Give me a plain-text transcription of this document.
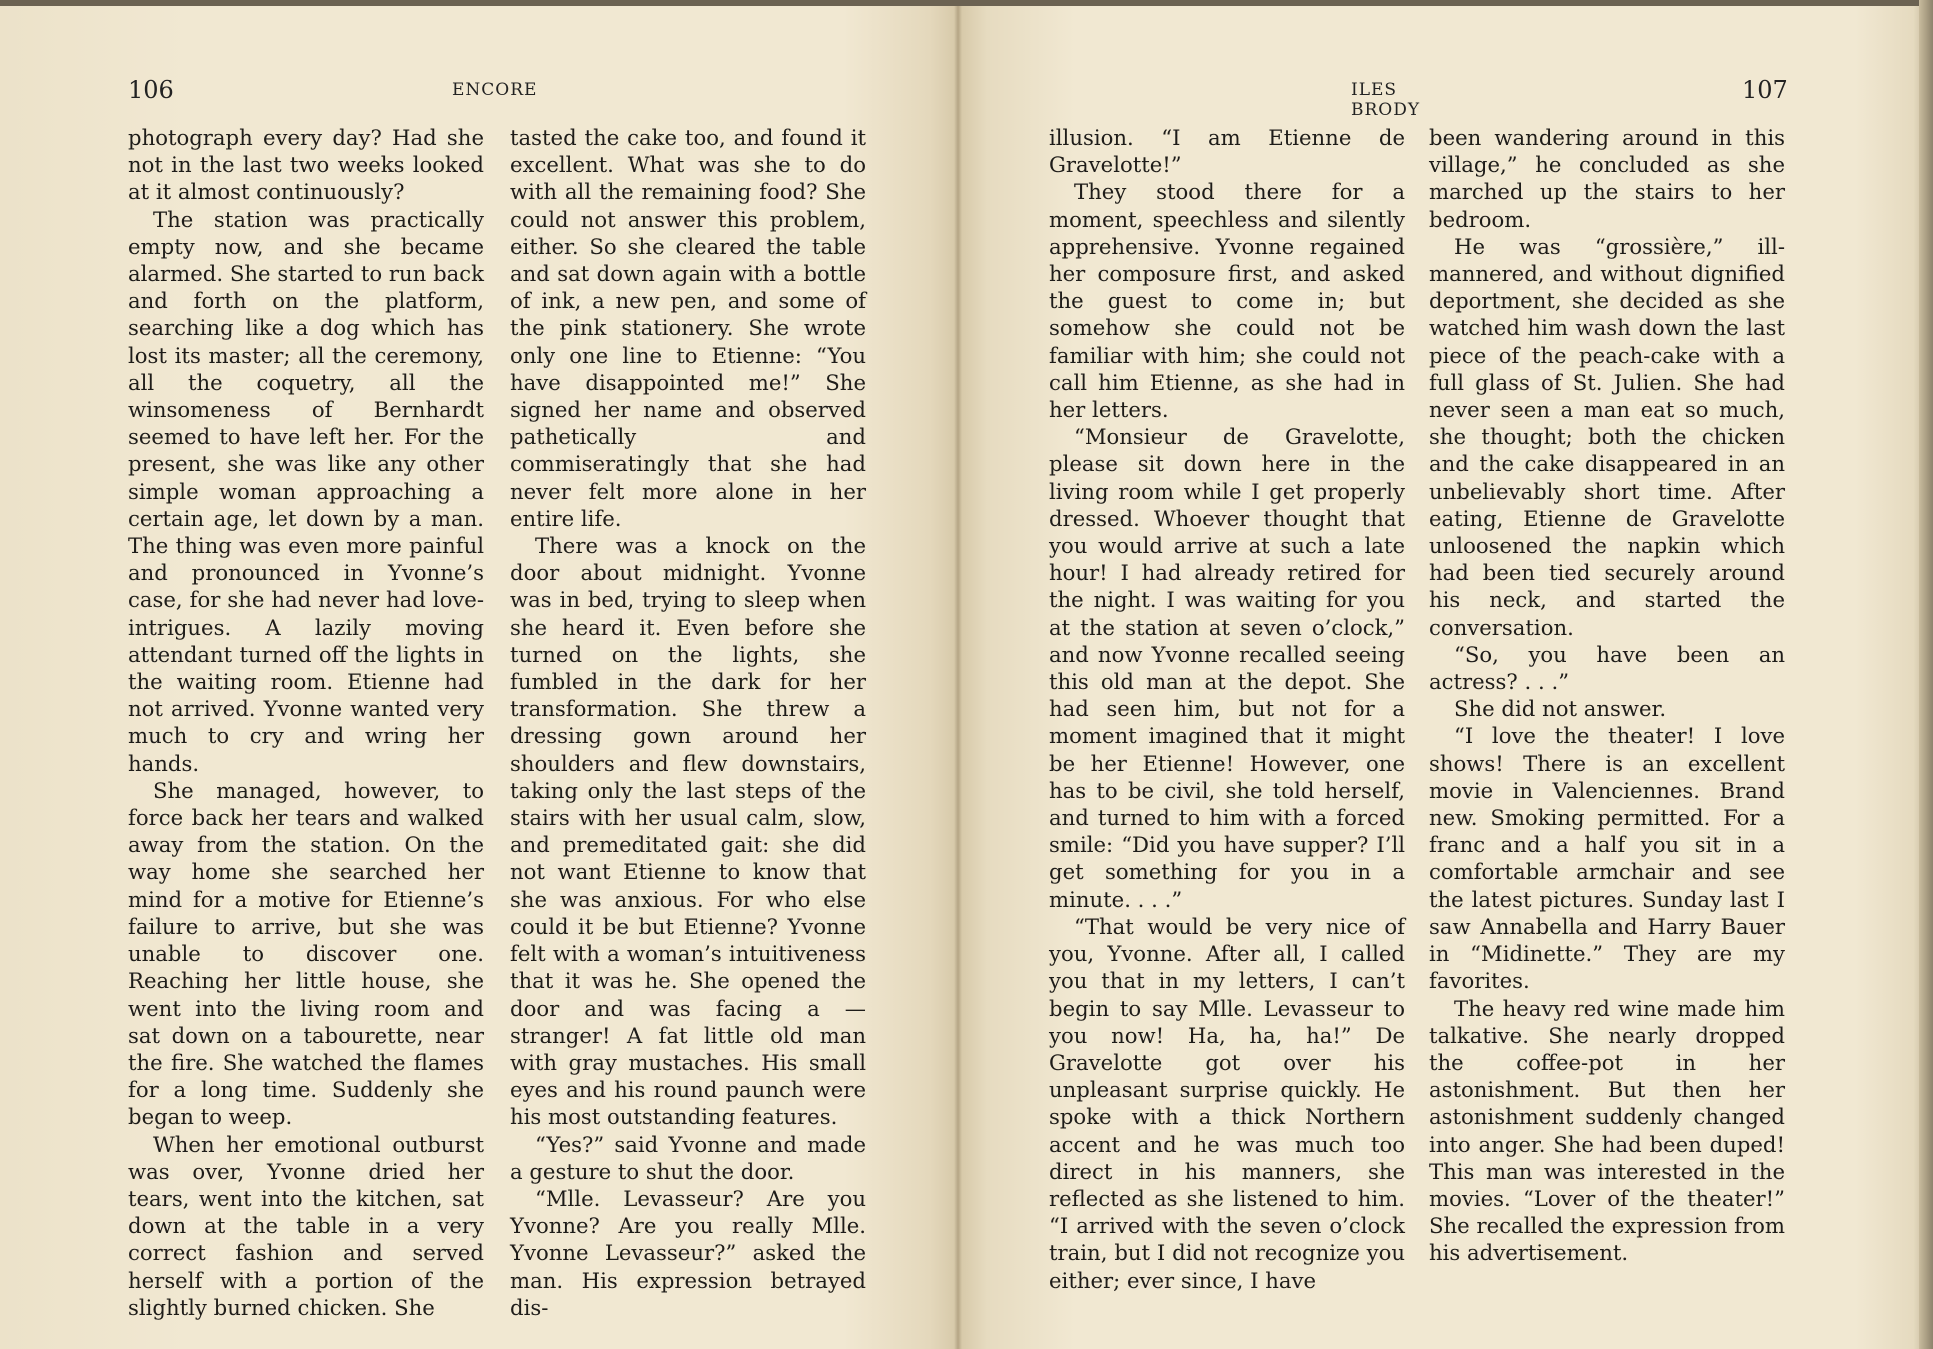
106	ENCORE

photograph every day? Had she not in the last two weeks looked at it almost continuously?

The station was practically empty now, and she became alarmed. She started to run back and forth on the platform, searching like a dog which has lost its master; all the ceremony, all the coquetry, all the winsomeness of Bernhardt seemed to have left her. For the present, she was like any other simple woman approaching a certain age, let down by a man. The thing was even more painful and pronounced in Yvonne’s case, for she had never had love-intrigues. A lazily moving attendant turned off the lights in the waiting room. Etienne had not arrived. Yvonne wanted very much to cry and wring her hands.

She managed, however, to force back her tears and walked away from the station. On the way home she searched her mind for a motive for Etienne’s failure to arrive, but she was unable to discover one. Reaching her little house, she went into the living room and sat down on a tabourette, near the fire. She watched the flames for a long time. Suddenly she began to weep.

When her emotional outburst was over, Yvonne dried her tears, went into the kitchen, sat down at the table in a very correct fashion and served herself with a portion of the slightly burned chicken. She

tasted the cake too, and found it excellent. What was she to do with all the remaining food? She could not answer this problem, either. So she cleared the table and sat down again with a bottle of ink, a new pen, and some of the pink stationery. She wrote only one line to Etienne: “You have disappointed me!” She signed her name and observed pathetically and commiseratingly that she had never felt more alone in her entire life.

There was a knock on the door about midnight. Yvonne was in bed, trying to sleep when she heard it. Even before she turned on the lights, she fumbled in the dark for her transformation. She threw a dressing gown around her shoulders and flew downstairs, taking only the last steps of the stairs with her usual calm, slow, and premeditated gait: she did not want Etienne to know that she was anxious. For who else could it be but Etienne? Yvonne felt with a woman’s intuitiveness that it was he. She opened the door and was facing a — stranger! A fat little old man with gray mustaches. His small eyes and his round paunch were his most outstanding features.

“Yes?” said Yvonne and made a gesture to shut the door.

“Mlle. Levasseur? Are you Yvonne? Are you really Mlle. Yvonne Levasseur?” asked the man. His expression betrayed dis-

ILES BRODY
107

illusion. “I am Etienne de Gravelotte!”

They stood there for a moment, speechless and silently apprehensive. Yvonne regained her composure first, and asked the guest to come in; but somehow she could not be familiar with him; she could not call him Etienne, as she had in her letters.

“Monsieur de Gravelotte, please sit down here in the living room while I get properly dressed. Whoever thought that you would arrive at such a late hour! I had already retired for the night. I was waiting for you at the station at seven o’clock,” and now Yvonne recalled seeing this old man at the depot. She had seen him, but not for a moment imagined that it might be her Etienne! However, one has to be civil, she told herself, and turned to him with a forced smile: “Did you have supper? I’ll get something for you in a minute. . . .”

“That would be very nice of you, Yvonne. After all, I called you that in my letters, I can’t begin to say Mlle. Levasseur to you now! Ha, ha, ha!” De Gravelotte got over his unpleasant surprise quickly. He spoke with a thick Northern accent and he was much too direct in his manners, she reflected as she listened to him. “I arrived with the seven o’clock train, but I did not recognize you either; ever since, I have

been wandering around in this village,” he concluded as she marched up the stairs to her bedroom.

He was “grossière,” ill-mannered, and without dignified deportment, she decided as she watched him wash down the last piece of the peach-cake with a full glass of St. Julien. She had never seen a man eat so much, she thought; both the chicken and the cake disappeared in an unbelievably short time. After eating, Etienne de Gravelotte unloosened the napkin which had been tied securely around his neck, and started the conversation.

“So, you have been an actress? . . .”

She did not answer.

“I love the theater! I love shows! There is an excellent movie in Valenciennes. Brand new. Smoking permitted. For a franc and a half you sit in a comfortable armchair and see the latest pictures. Sunday last I saw Annabella and Harry Bauer in “Midinette.” They are my favorites.

The heavy red wine made him talkative. She nearly dropped the coffee-pot in her astonishment. But then her astonishment suddenly changed into anger. She had been duped! This man was interested in the movies. “Lover of the theater!” She recalled the expression from his advertisement.
